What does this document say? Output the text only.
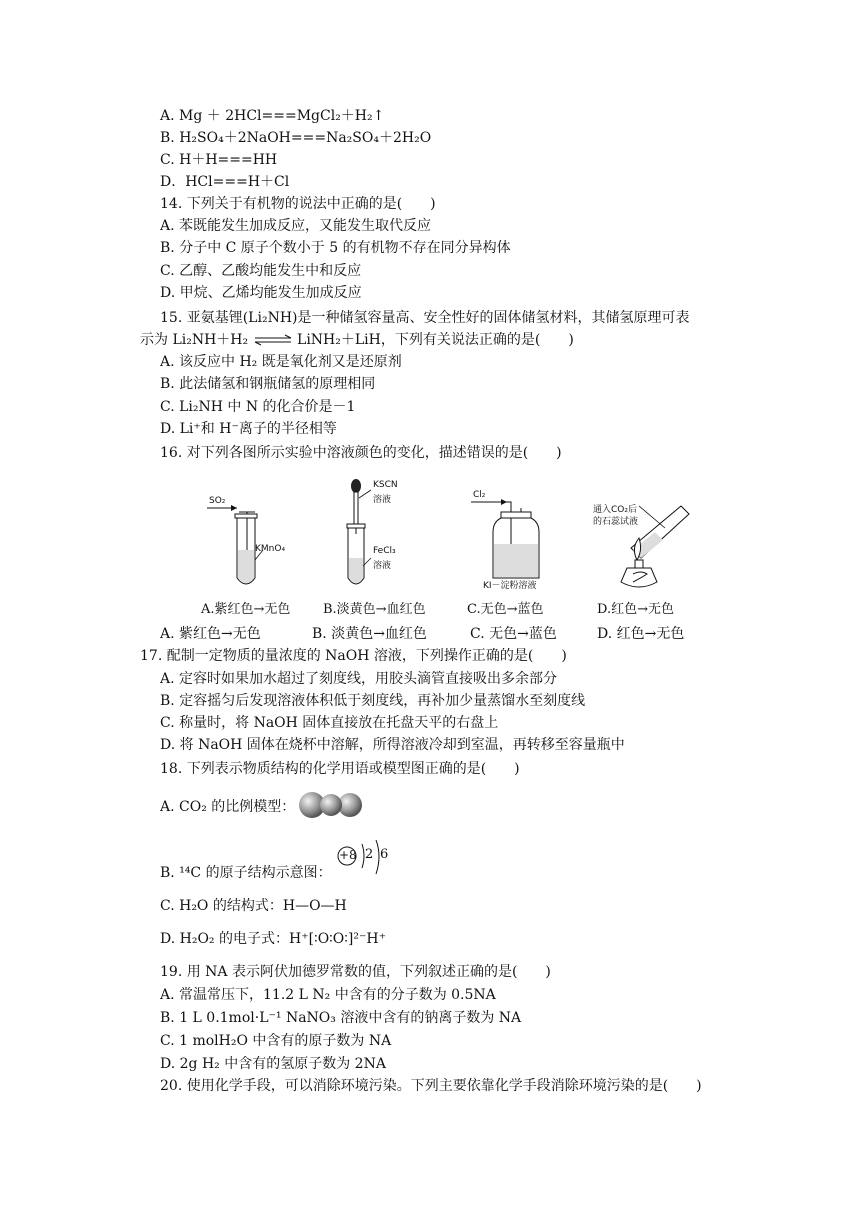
A. Mg ＋ 2HCl===MgCl₂＋H₂↑
B. H₂SO₄＋2NaOH===Na₂SO₄＋2H₂O
C. H＋H===HH
D．HCl===H＋Cl
14. 下列关于有机物的说法中正确的是(　　)
A. 苯既能发生加成反应，又能发生取代反应
B. 分子中 C 原子个数小于 5 的有机物不存在同分异构体
C. 乙醇、乙酸均能发生中和反应
D. 甲烷、乙烯均能发生加成反应
15. 亚氨基锂(Li₂NH)是一种储氢容量高、安全性好的固体储氢材料，其储氢原理可表
示为 Li₂NH＋H₂ ⇌ LiNH₂＋LiH，下列有关说法正确的是(　　)
A. 该反应中 H₂ 既是氧化剂又是还原剂
B. 此法储氢和钢瓶储氢的原理相同
C. Li₂NH 中 N 的化合价是－1
D. Li⁺和 H⁻离子的半径相等
16. 对下列各图所示实验中溶液颜色的变化，描述错误的是(　　)
SO₂
KMnO₄
KSCN
溶液
FeCl₃
溶液
Cl₂
KI－淀粉溶液
通入CO₂后
的石蕊试液
A.紫红色→无色	B.淡黄色→血红色	C.无色→蓝色	D.红色→无色
A. 紫红色→无色	B. 淡黄色→血红色	C. 无色→蓝色	D. 红色→无色
17. 配制一定物质的量浓度的 NaOH 溶液，下列操作正确的是(　　)
A. 定容时如果加水超过了刻度线，用胶头滴管直接吸出多余部分
B. 定容摇匀后发现溶液体积低于刻度线，再补加少量蒸馏水至刻度线
C. 称量时，将 NaOH 固体直接放在托盘天平的右盘上
D. 将 NaOH 固体在烧杯中溶解，所得溶液冷却到室温，再转移至容量瓶中
18. 下列表示物质结构的化学用语或模型图正确的是(　　)
A. CO₂ 的比例模型：
B. ¹⁴C 的原子结构示意图：
+8 2 6
C. H₂O 的结构式：H—O—H
D. H₂O₂ 的电子式：H⁺[∶O∶O∶]²⁻H⁺
19. 用 NA 表示阿伏加德罗常数的值，下列叙述正确的是(　　)
A. 常温常压下，11.2 L N₂ 中含有的分子数为 0.5NA
B. 1 L 0.1mol·L⁻¹ NaNO₃ 溶液中含有的钠离子数为 NA
C. 1 molH₂O 中含有的原子数为 NA
D. 2g H₂ 中含有的氢原子数为 2NA
20. 使用化学手段，可以消除环境污染。下列主要依靠化学手段消除环境污染的是(　　)
